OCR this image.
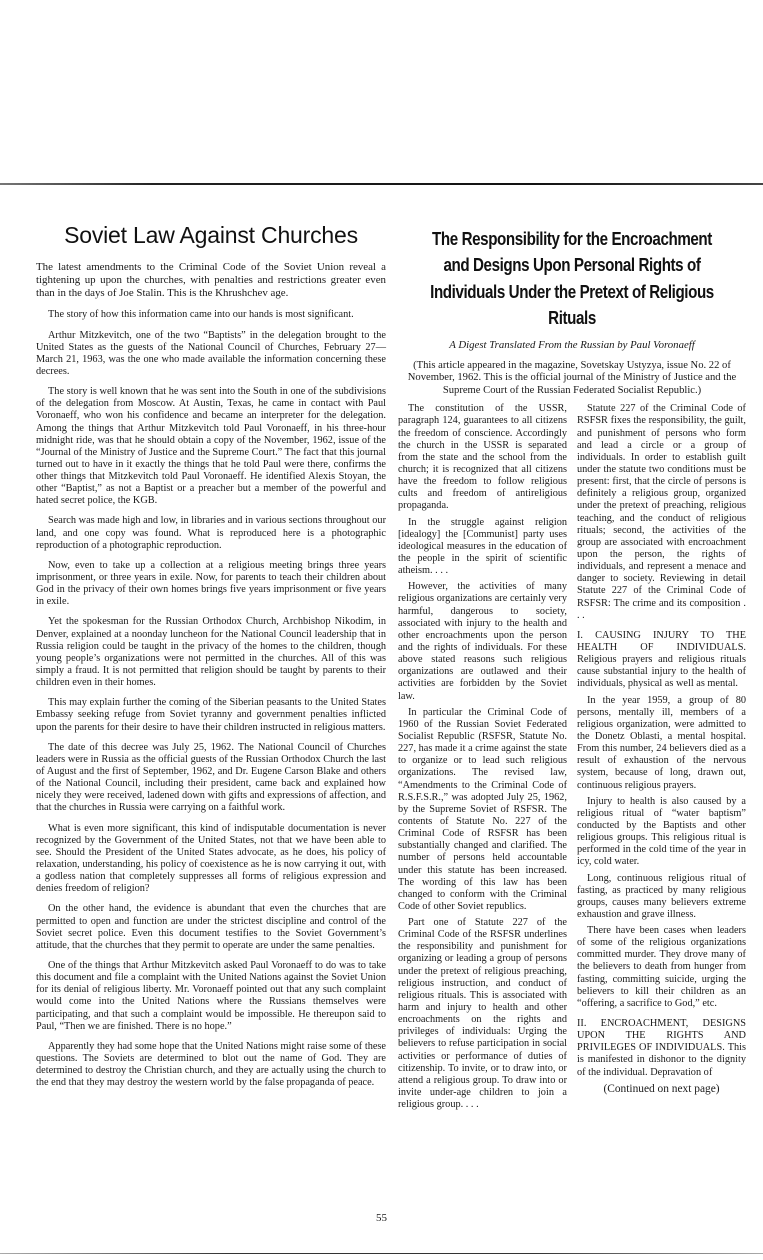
Soviet Law Against Churches

The latest amendments to the Criminal Code of the Soviet Union reveal a tightening up upon the churches, with penalties and restrictions greater even than in the days of Joe Stalin. This is the Khrushchev age.

The story of how this information came into our hands is most significant.

Arthur Mitzkevitch, one of the two “Baptists” in the delegation brought to the United States as the guests of the National Council of Churches, February 27—March 21, 1963, was the one who made available the information concerning these decrees.

The story is well known that he was sent into the South in one of the subdivisions of the delegation from Moscow. At Austin, Texas, he came in contact with Paul Voronaeff, who won his confidence and became an interpreter for the delegation. Among the things that Arthur Mitzkevitch told Paul Voronaeff, in his three-hour midnight ride, was that he should obtain a copy of the November, 1962, issue of the “Journal of the Ministry of Justice and the Supreme Court.” The fact that this journal turned out to have in it exactly the things that he told Paul were there, confirms the other things that Mitzkevitch told Paul Voronaeff. He identified Alexis Stoyan, the other “Baptist,” as not a Baptist or a preacher but a member of the powerful and hated secret police, the KGB.

Search was made high and low, in libraries and in various sections throughout our land, and one copy was found. What is reproduced here is a photographic reproduction of a photographic reproduction.

Now, even to take up a collection at a religious meeting brings three years imprisonment, or three years in exile. Now, for parents to teach their children about God in the privacy of their own homes brings five years imprisonment or five years in exile.

Yet the spokesman for the Russian Orthodox Church, Archbishop Nikodim, in Denver, explained at a noonday luncheon for the National Council leadership that in Russia religion could be taught in the privacy of the homes to the children, though young people’s organizations were not permitted in the churches. All of this was simply a fraud. It is not permitted that religion should be taught by parents to their children even in their homes.

This may explain further the coming of the Siberian peasants to the United States Embassy seeking refuge from Soviet tyranny and government penalties inflicted upon the parents for their desire to have their children instructed in religious matters.

The date of this decree was July 25, 1962. The National Council of Churches leaders were in Russia as the official guests of the Russian Orthodox Church the last of August and the first of September, 1962, and Dr. Eugene Carson Blake and others of the National Council, including their president, came back and explained how nicely they were received, ladened down with gifts and expressions of affection, and that the churches in Russia were carrying on a faithful work.

What is even more significant, this kind of indisputable documentation is never recognized by the Government of the United States, not that we have been able to see. Should the President of the United States advocate, as he does, his policy of relaxation, understanding, his policy of coexistence as he is now carrying it out, with a godless nation that completely suppresses all forms of religious expression and denies freedom of religion?

On the other hand, the evidence is abundant that even the churches that are permitted to open and function are under the strictest discipline and control of the Soviet secret police. Even this document testifies to the Soviet Government’s attitude, that the churches that they permit to operate are under the same penalties.

One of the things that Arthur Mitzkevitch asked Paul Voronaeff to do was to take this document and file a complaint with the United Nations against the Soviet Union for its denial of religious liberty. Mr. Voronaeff pointed out that any such complaint would come into the United Nations where the Russians themselves were participating, and that such a complaint would be impossible. He thereupon said to Paul, “Then we are finished. There is no hope.”

Apparently they had some hope that the United Nations might raise some of these questions. The Soviets are determined to blot out the name of God. They are determined to destroy the Christian church, and they are actually using the church to the end that they may destroy the western world by the false propaganda of peace.

The Responsibility for the Encroachment and Designs Upon Personal Rights of Individuals Under the Pretext of Religious Rituals

A Digest Translated From the Russian by Paul Voronaeff

(This article appeared in the magazine, Sovetskay Ustyzya, issue No. 22 of November, 1962. This is the official journal of the Ministry of Justice and the Supreme Court of the Russian Federated Socialist Republic.)

The constitution of the USSR, paragraph 124, guarantees to all citizens the freedom of conscience. Accordingly the church in the USSR is separated from the state and the school from the church; it is recognized that all citizens have the freedom to follow religious cults and freedom of antireligious propaganda.

In the struggle against religion [idealogy] the [Communist] party uses ideological measures in the education of the people in the spirit of scientific atheism. . . .

However, the activities of many religious organizations are certainly very harmful, dangerous to society, associated with injury to the health and other encroachments upon the person and the rights of individuals. For these above stated reasons such religious organizations are outlawed and their activities are forbidden by the Soviet law.

In particular the Criminal Code of 1960 of the Russian Soviet Federated Socialist Republic (RSFSR, Statute No. 227, has made it a crime against the state to organize or to lead such religious organizations. The revised law, “Amendments to the Criminal Code of R.S.F.S.R.,” was adopted July 25, 1962, by the Supreme Soviet of RSFSR. The contents of Statute No. 227 of the Criminal Code of RSFSR has been substantially changed and clarified. The number of persons held accountable under this statute has been increased. The wording of this law has been changed to conform with the Criminal Code of other Soviet republics.

Part one of Statute 227 of the Criminal Code of the RSFSR underlines the responsibility and punishment for organizing or leading a group of persons under the pretext of religious preaching, religious instruction, and conduct of religious rituals. This is associated with harm and injury to health and other encroachments on the rights and privileges of individuals: Urging the believers to refuse participation in social activities or performance of duties of citizenship. To invite, or to draw into, or attend a religious group. To draw into or invite under-age children to join a religious group. . . .

Statute 227 of the Criminal Code of RSFSR fixes the responsibility, the guilt, and punishment of persons who form and lead a circle or a group of individuals. In order to establish guilt under the statute two conditions must be present: first, that the circle of persons is definitely a religious group, organized under the pretext of preaching, religious teaching, and the conduct of religious rituals; second, the activities of the group are associated with encroachment upon the person, the rights of individuals, and represent a menace and danger to society. Reviewing in detail Statute 227 of the Criminal Code of RSFSR: The crime and its composition . . .

I. CAUSING INJURY TO THE HEALTH OF INDIVIDUALS. Religious prayers and religious rituals cause substantial injury to the health of individuals, physical as well as mental.

In the year 1959, a group of 80 persons, mentally ill, members of a religious organization, were admitted to the Donetz Oblasti, a mental hospital. From this number, 24 believers died as a result of exhaustion of the nervous system, because of long, drawn out, continuous religious prayers.

Injury to health is also caused by a religious ritual of “water baptism” conducted by the Baptists and other religious groups. This religious ritual is performed in the cold time of the year in icy, cold water.

Long, continuous religious ritual of fasting, as practiced by many religious groups, causes many believers extreme exhaustion and grave illness.

There have been cases when leaders of some of the religious organizations committed murder. They drove many of the believers to death from hunger from fasting, committing suicide, urging the believers to kill their children as an “offering, a sacrifice to God,” etc.

II. ENCROACHMENT, DESIGNS UPON THE RIGHTS AND PRIVILEGES OF INDIVIDUALS. This is manifested in dishonor to the dignity of the individual. Depravation of

(Continued on next page)

55
